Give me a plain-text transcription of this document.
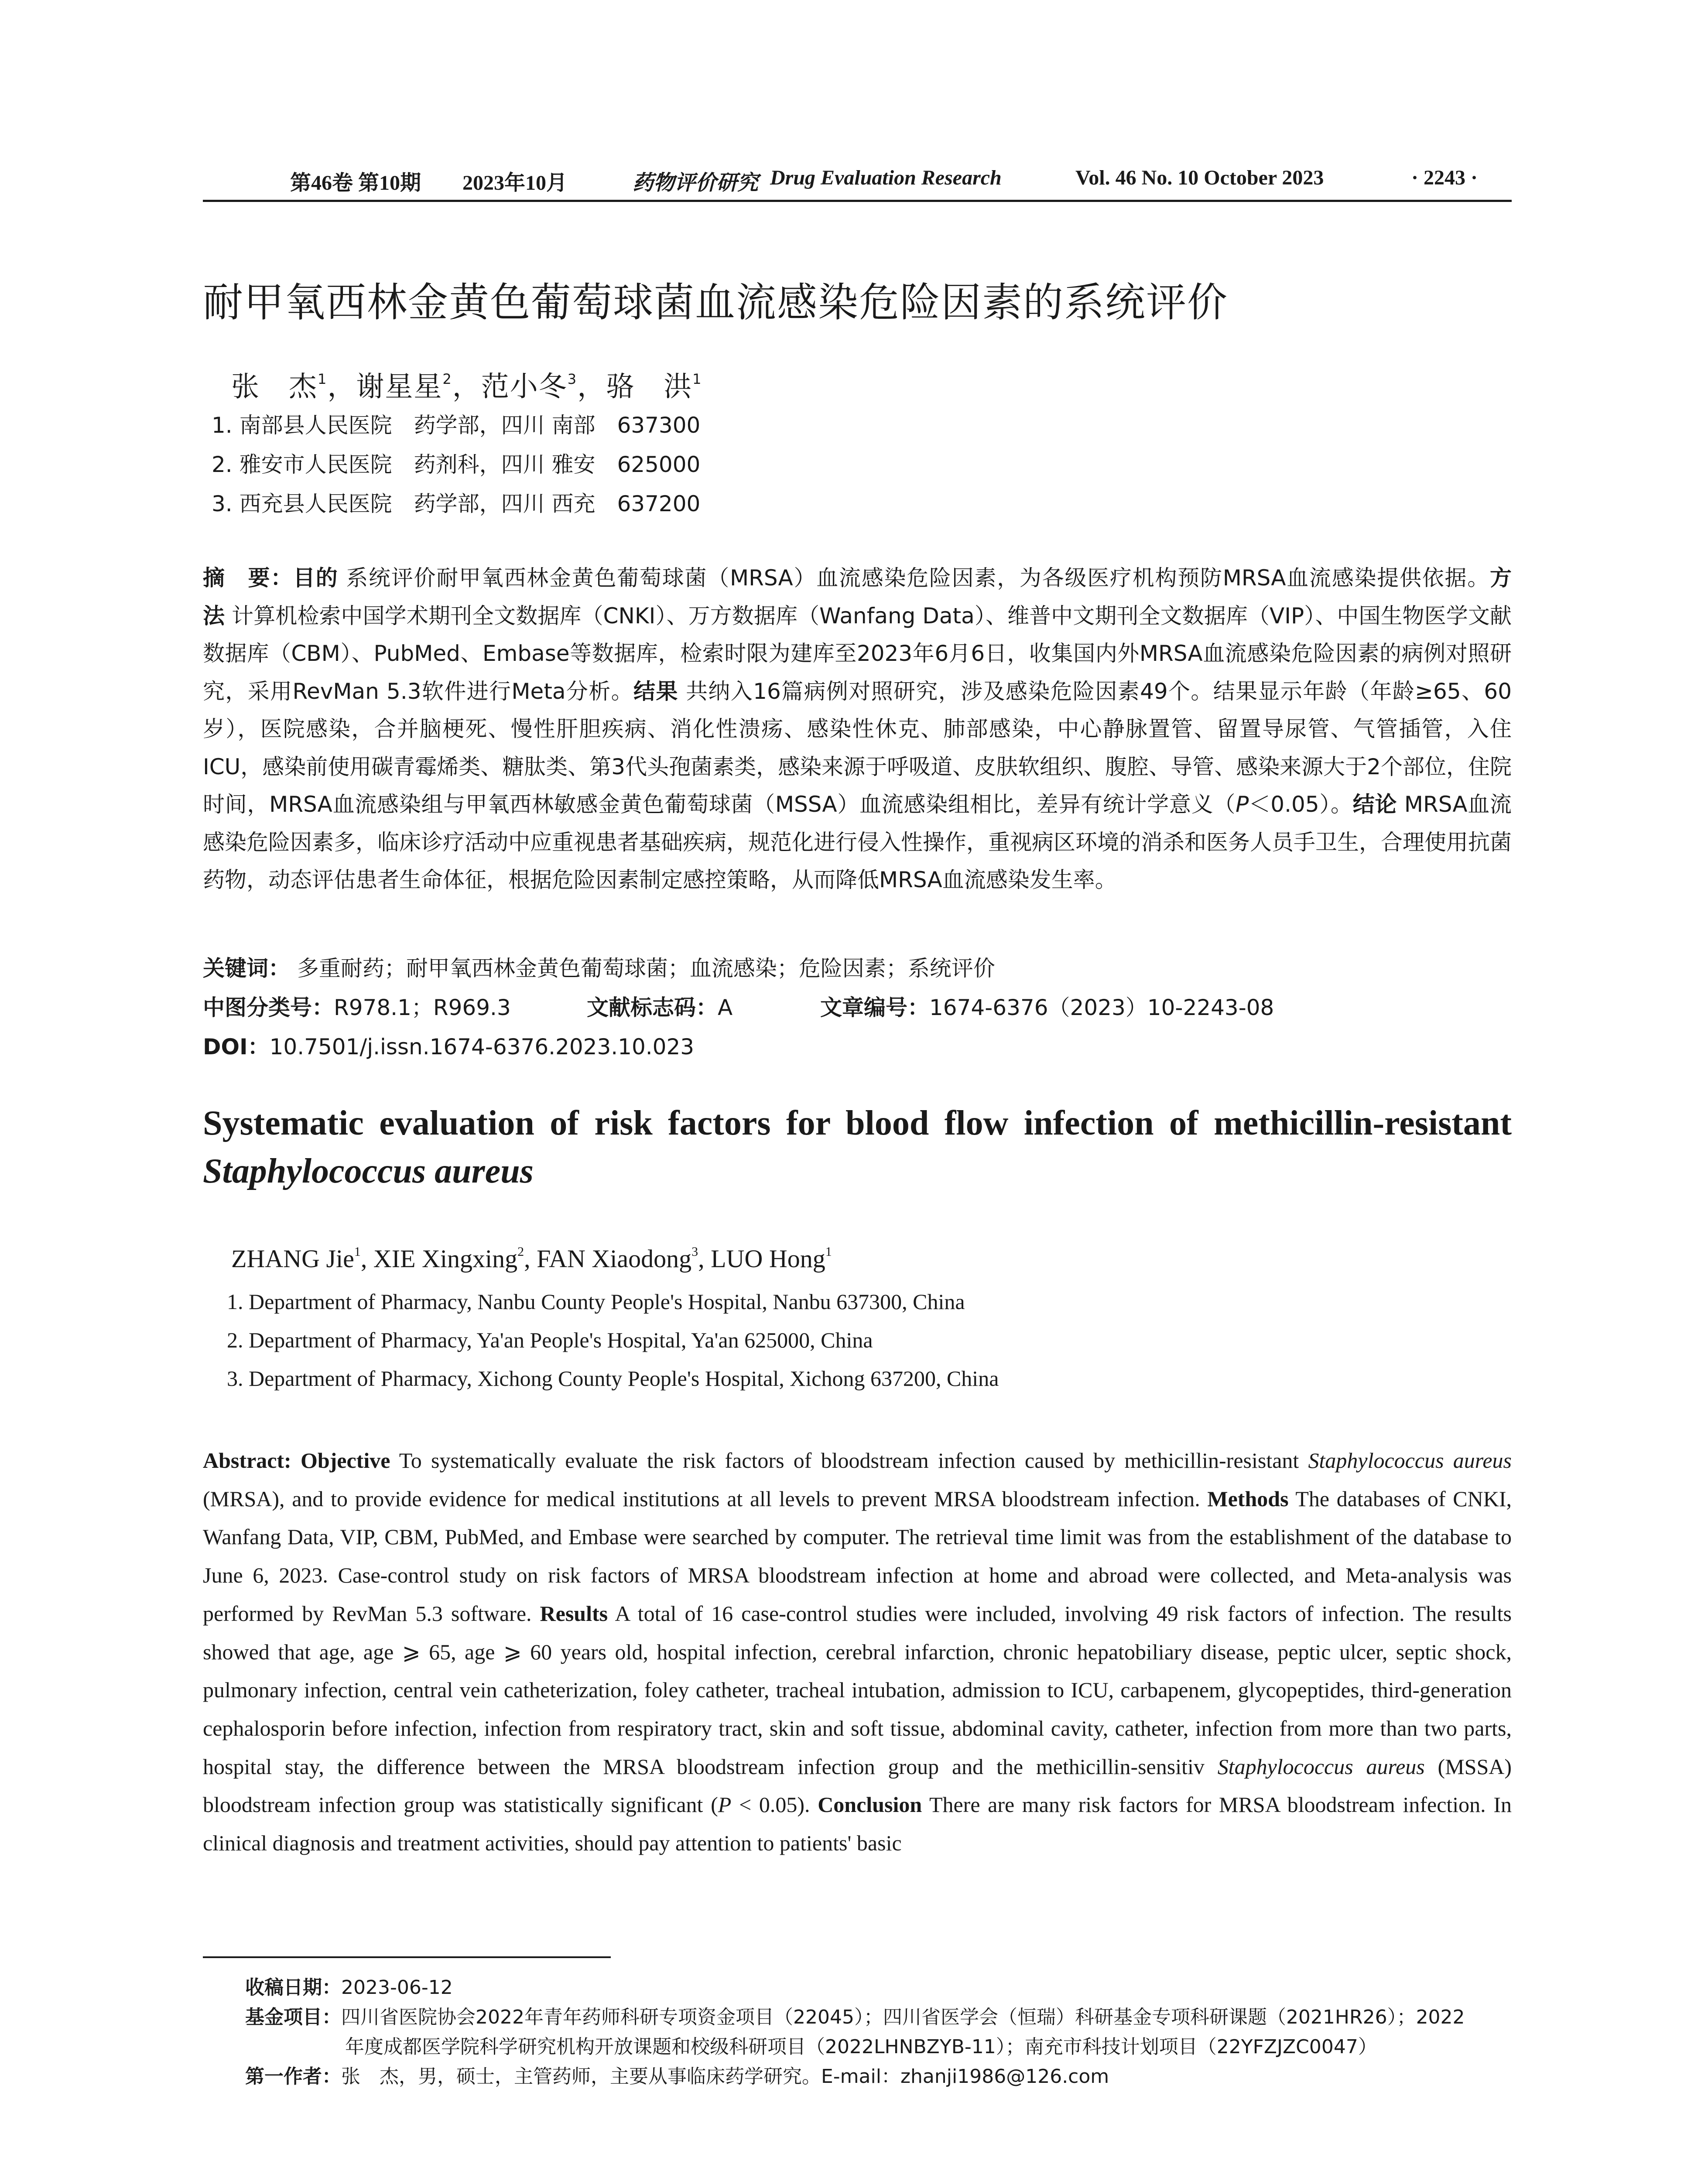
第46卷 第10期 2023年10月	药物评价研究 Drug Evaluation Research	Vol. 46 No. 10 October 2023	· 2243 ·
耐甲氧西林金黄色葡萄球菌血流感染危险因素的系统评价
张　杰$^1$，谢星星$^2$，范小冬$^3$，骆　洪$^1$
1. 南部县人民医院　药学部，四川 南部　637300
2. 雅安市人民医院　药剂科，四川 雅安　625000
3. 西充县人民医院　药学部，四川 西充　637200
摘　要：目的 系统评价耐甲氧西林金黄色葡萄球菌（MRSA）血流感染危险因素，为各级医疗机构预防MRSA血流感染提供依据。方法 计算机检索中国学术期刊全文数据库（CNKI）、万方数据库（Wanfang Data）、维普中文期刊全文数据库（VIP）、中国生物医学文献数据库（CBM）、PubMed、Embase等数据库，检索时限为建库至2023年6月6日，收集国内外MRSA血流感染危险因素的病例对照研究，采用RevMan 5.3软件进行Meta分析。结果 共纳入16篇病例对照研究，涉及感染危险因素49个。结果显示年龄（年龄≥65、60岁），医院感染，合并脑梗死、慢性肝胆疾病、消化性溃疡、感染性休克、肺部感染，中心静脉置管、留置导尿管、气管插管，入住ICU，感染前使用碳青霉烯类、糖肽类、第3代头孢菌素类，感染来源于呼吸道、皮肤软组织、腹腔、导管、感染来源大于2个部位，住院时间，MRSA血流感染组与甲氧西林敏感金黄色葡萄球菌（MSSA）血流感染组相比，差异有统计学意义（P＜0.05）。结论 MRSA血流感染危险因素多，临床诊疗活动中应重视患者基础疾病，规范化进行侵入性操作，重视病区环境的消杀和医务人员手卫生，合理使用抗菌药物，动态评估患者生命体征，根据危险因素制定感控策略，从而降低MRSA血流感染发生率。
关键词： 多重耐药；耐甲氧西林金黄色葡萄球菌；血流感染；危险因素；系统评价
中图分类号：R978.1；R969.3	文献标志码：A	文章编号：1674-6376（2023）10-2243-08
DOI：10.7501/j.issn.1674-6376.2023.10.023
Systematic evaluation of risk factors for blood flow infection of methicillin-resistant Staphylococcus aureus
ZHANG Jie$^1$, XIE Xingxing$^2$, FAN Xiaodong$^3$, LUO Hong$^1$
1. Department of Pharmacy, Nanbu County People's Hospital, Nanbu 637300, China
2. Department of Pharmacy, Ya'an People's Hospital, Ya'an 625000, China
3. Department of Pharmacy, Xichong County People's Hospital, Xichong 637200, China
Abstract: Objective To systematically evaluate the risk factors of bloodstream infection caused by methicillin-resistant Staphylococcus aureus (MRSA), and to provide evidence for medical institutions at all levels to prevent MRSA bloodstream infection. Methods The databases of CNKI, Wanfang Data, VIP, CBM, PubMed, and Embase were searched by computer. The retrieval time limit was from the establishment of the database to June 6, 2023. Case-control study on risk factors of MRSA bloodstream infection at home and abroad were collected, and Meta-analysis was performed by RevMan 5.3 software. Results A total of 16 case-control studies were included, involving 49 risk factors of infection. The results showed that age, age ⩾ 65, age ⩾ 60 years old, hospital infection, cerebral infarction, chronic hepatobiliary disease, peptic ulcer, septic shock, pulmonary infection, central vein catheterization, foley catheter, tracheal intubation, admission to ICU, carbapenem, glycopeptides, third-generation cephalosporin before infection, infection from respiratory tract, skin and soft tissue, abdominal cavity, catheter, infection from more than two parts, hospital stay, the difference between the MRSA bloodstream infection group and the methicillin-sensitiv Staphylococcus aureus (MSSA) bloodstream infection group was statistically significant (P < 0.05). Conclusion There are many risk factors for MRSA bloodstream infection. In clinical diagnosis and treatment activities, should pay attention to patients' basic
收稿日期：2023-06-12
基金项目：四川省医院协会2022年青年药师科研专项资金项目（22045）；四川省医学会（恒瑞）科研基金专项科研课题（2021HR26）；2022
年度成都医学院科学研究机构开放课题和校级科研项目（2022LHNBZYB-11）；南充市科技计划项目（22YFZJZC0047）
第一作者：张　杰，男，硕士，主管药师，主要从事临床药学研究。E-mail：zhanji1986@126.com
